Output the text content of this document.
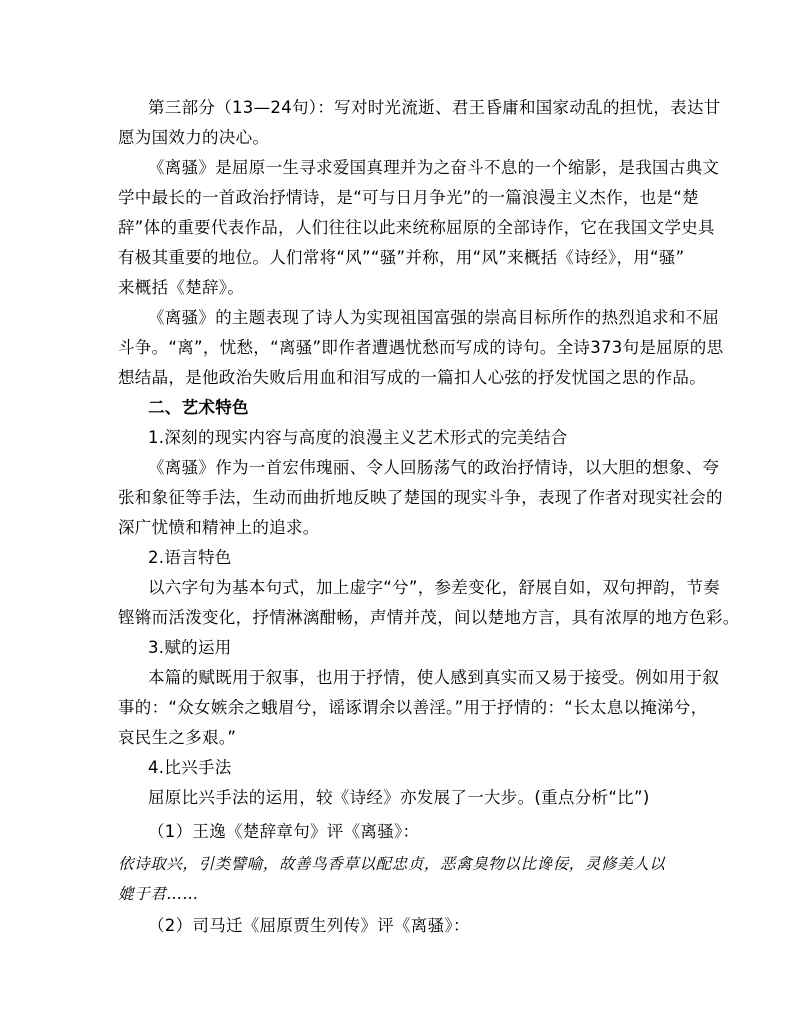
第三部分（13—24句）：写对时光流逝、君王昏庸和国家动乱的担忧，表达甘
愿为国效力的决心。
《离骚》是屈原一生寻求爱国真理并为之奋斗不息的一个缩影，是我国古典文
学中最长的一首政治抒情诗，是“可与日月争光”的一篇浪漫主义杰作，也是“楚
辞”体的重要代表作品，人们往往以此来统称屈原的全部诗作，它在我国文学史具
有极其重要的地位。人们常将“风”“骚”并称，用“风”来概括《诗经》，用“骚”
来概括《楚辞》。
《离骚》的主题表现了诗人为实现祖国富强的崇高目标所作的热烈追求和不屈
斗争。“离”，忧愁，“离骚”即作者遭遇忧愁而写成的诗句。全诗373句是屈原的思
想结晶，是他政治失败后用血和泪写成的一篇扣人心弦的抒发忧国之思的作品。
二、艺术特色
1.深刻的现实内容与高度的浪漫主义艺术形式的完美结合
《离骚》作为一首宏伟瑰丽、令人回肠荡气的政治抒情诗，以大胆的想象、夸
张和象征等手法，生动而曲折地反映了楚国的现实斗争，表现了作者对现实社会的
深广忧愤和精神上的追求。
2.语言特色
以六字句为基本句式，加上虚字“兮”，参差变化，舒展自如，双句押韵，节奏
铿锵而活泼变化，抒情淋漓酣畅，声情并茂，间以楚地方言，具有浓厚的地方色彩。
3.赋的运用
本篇的赋既用于叙事，也用于抒情，使人感到真实而又易于接受。例如用于叙
事的：“众女嫉余之蛾眉兮，谣诼谓余以善淫。”用于抒情的：“长太息以掩涕兮，
哀民生之多艰。”
4.比兴手法
屈原比兴手法的运用，较《诗经》亦发展了一大步。(重点分析“比”)
（1）王逸《楚辞章句》评《离骚》：
依诗取兴，引类譬喻，故善鸟香草以配忠贞，恶禽臭物以比谗佞，灵修美人以
媲于君……
（2）司马迁《屈原贾生列传》评《离骚》：
